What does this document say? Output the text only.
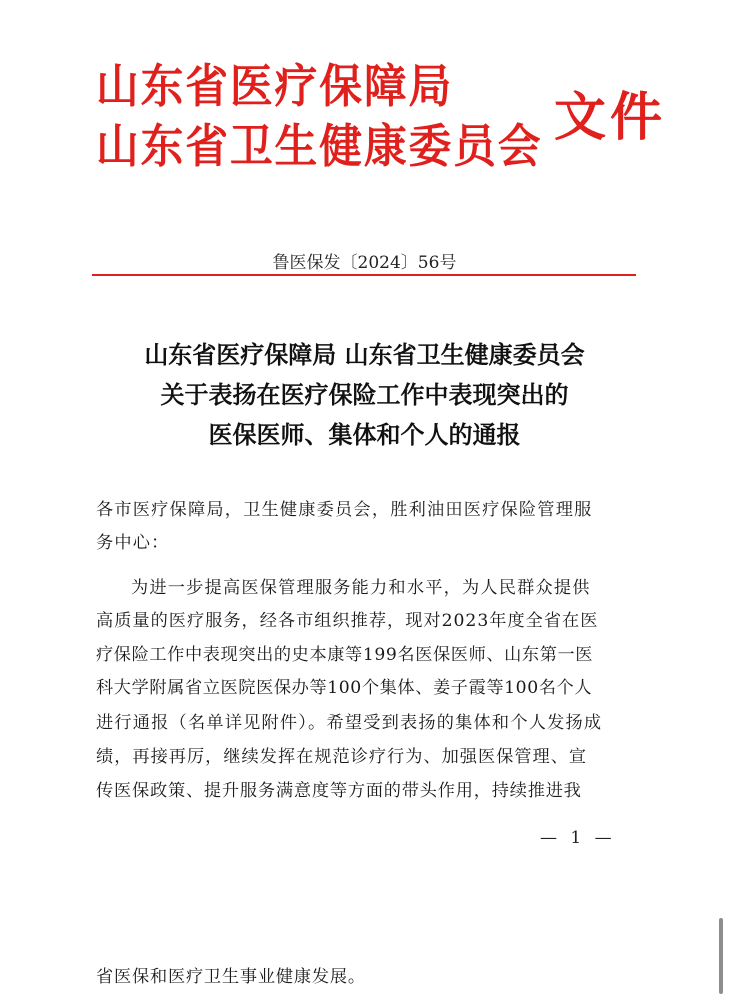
山东省医疗保障局
山东省卫生健康委员会 文件
鲁医保发〔2024〕56号
山东省医疗保障局 山东省卫生健康委员会
关于表扬在医疗保险工作中表现突出的
医保医师、集体和个人的通报
各市医疗保障局，卫生健康委员会，胜利油田医疗保险管理服
务中心：
为进一步提高医保管理服务能力和水平，为人民群众提供
高质量的医疗服务，经各市组织推荐，现对2023年度全省在医
疗保险工作中表现突出的史本康等199名医保医师、山东第一医
科大学附属省立医院医保办等100个集体、姜子霞等100名个人
进行通报（名单详见附件）。希望受到表扬的集体和个人发扬成
绩，再接再厉，继续发挥在规范诊疗行为、加强医保管理、宣
传医保政策、提升服务满意度等方面的带头作用，持续推进我
— 1 —
省医保和医疗卫生事业健康发展。
